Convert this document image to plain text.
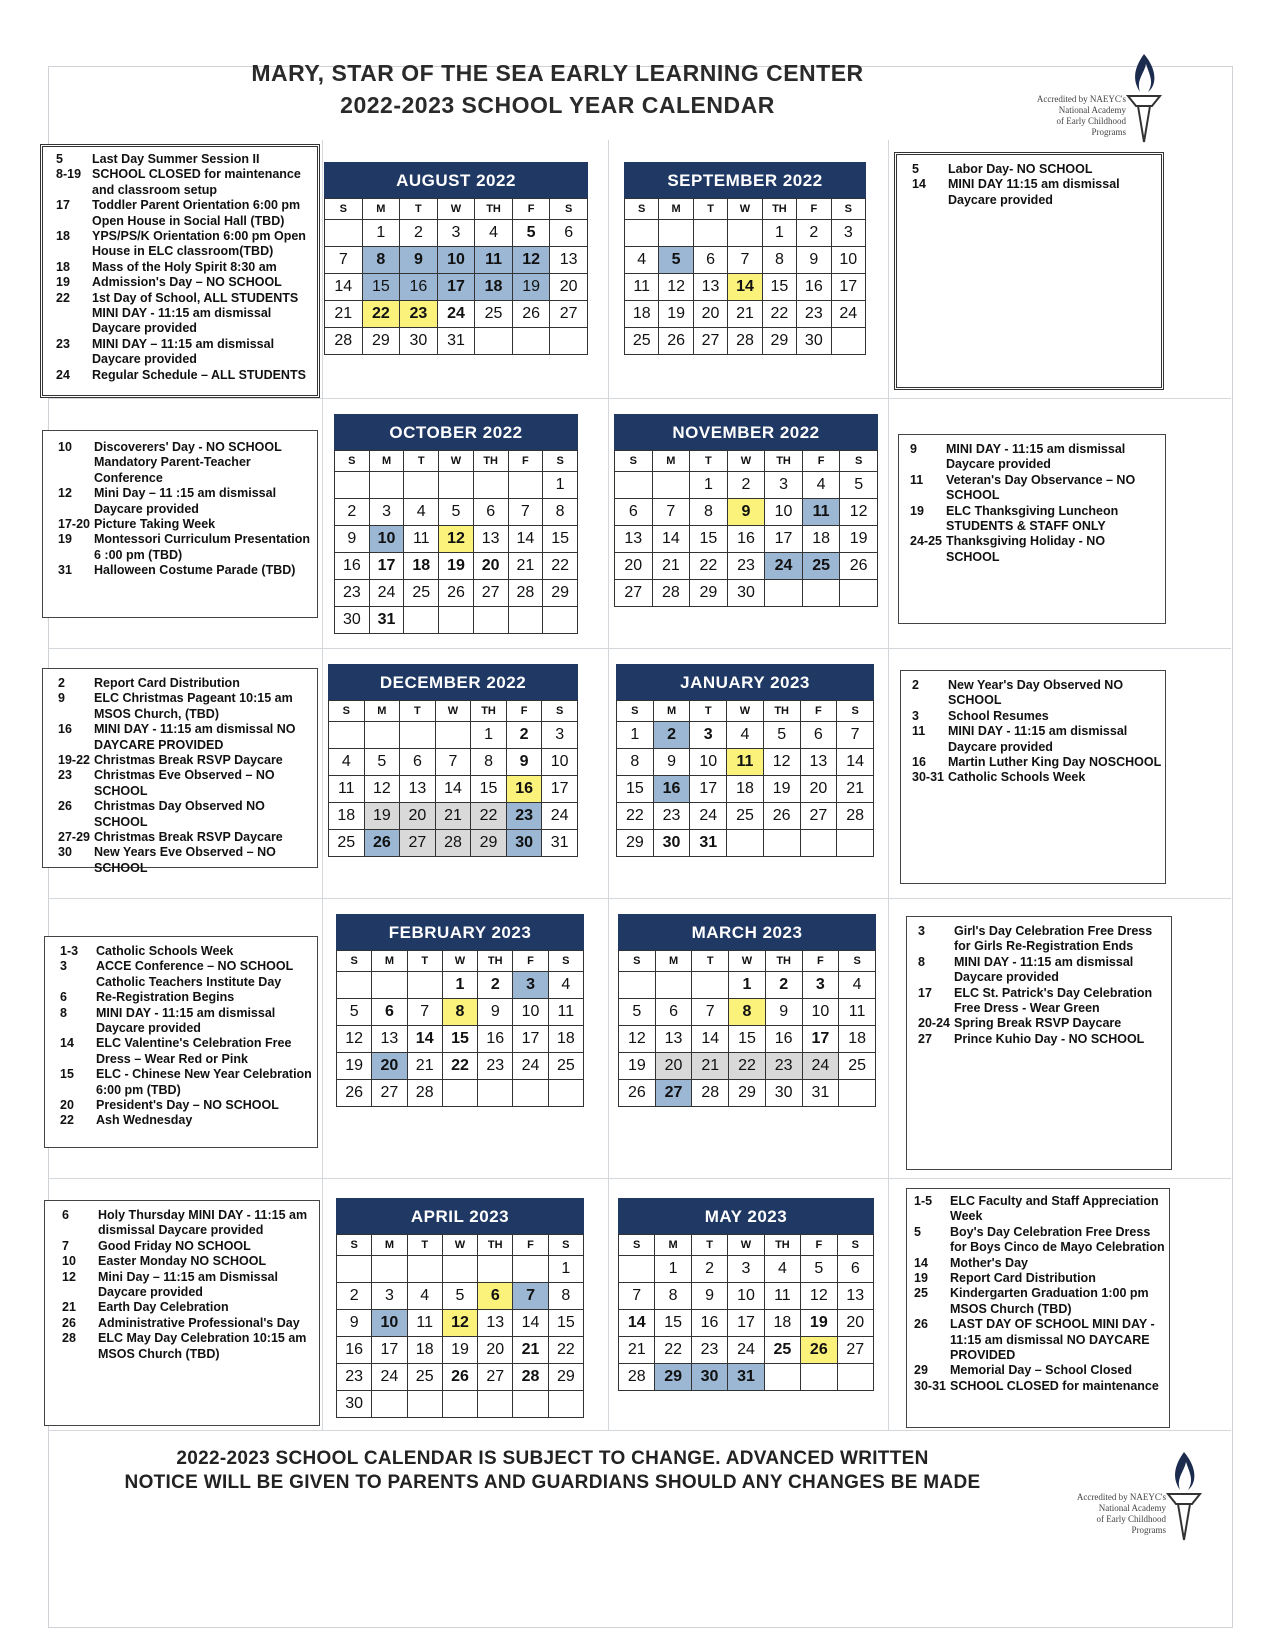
MARY, STAR OF THE SEA EARLY LEARNING CENTER
2022-2023 SCHOOL YEAR CALENDAR	Accredited by NAEYC's
National Academy
of Early Childhood
Programs
Accredited by NAEYC's
National Academy
of Early Childhood
Programs
5	Last Day Summer Session II
8-19 SCHOOL CLOSED for maintenance and classroom setup
17	Toddler Parent Orientation 6:00 pm Open House in Social Hall (TBD)
18	YPS/PS/K Orientation 6:00 pm Open House in ELC classroom(TBD)
18	Mass of the Holy Spirit 8:30 am
19	Admission's Day – NO SCHOOL
22	1st Day of School, ALL STUDENTS MINI DAY - 11:15 am dismissal Daycare provided
23	MINI DAY – 11:15 am dismissal Daycare provided
24	Regular Schedule – ALL STUDENTS
5	Labor Day- NO SCHOOL
14	MINI DAY 11:15 am dismissal Daycare provided
10	Discoverers' Day - NO SCHOOL Mandatory Parent-Teacher Conference
12	Mini Day – 11 :15 am dismissal Daycare provided
17-20 Picture Taking Week
19	Montessori Curriculum Presentation 6 :00 pm (TBD)
31	Halloween Costume Parade (TBD)
9	MINI DAY - 11:15 am dismissal Daycare provided
11	Veteran's Day Observance – NO SCHOOL
19	ELC Thanksgiving Luncheon STUDENTS & STAFF ONLY
24-25 Thanksgiving Holiday - NO SCHOOL
2	Report Card Distribution
9	ELC Christmas Pageant 10:15 am MSOS Church, (TBD)
16	MINI DAY - 11:15 am dismissal NO DAYCARE PROVIDED
19-22 Christmas Break RSVP Daycare
23	Christmas Eve Observed – NO SCHOOL
26	Christmas Day Observed NO SCHOOL
27-29 Christmas Break RSVP Daycare
30	New Years Eve Observed – NO SCHOOL
2	New Year's Day Observed NO SCHOOL
3	School Resumes
11	MINI DAY - 11:15 am dismissal Daycare provided
16	Martin Luther King Day NOSCHOOL
30-31 Catholic Schools Week
1-3	Catholic Schools Week
3	ACCE Conference – NO SCHOOL Catholic Teachers Institute Day
6	Re-Registration Begins
8	MINI DAY - 11:15 am dismissal Daycare provided
14	ELC Valentine's Celebration Free Dress – Wear Red or Pink
15	ELC - Chinese New Year Celebration 6:00 pm (TBD)
20	President's Day – NO SCHOOL
22	Ash Wednesday
3	Girl's Day Celebration Free Dress for Girls Re-Registration Ends
8	MINI DAY - 11:15 am dismissal Daycare provided
17	ELC St. Patrick's Day Celebration Free Dress - Wear Green
20-24 Spring Break RSVP Daycare
27	Prince Kuhio Day - NO SCHOOL
6	Holy Thursday MINI DAY - 11:15 am dismissal Daycare provided
7	Good Friday NO SCHOOL
10	Easter Monday NO SCHOOL
12	Mini Day – 11:15 am Dismissal Daycare provided
21	Earth Day Celebration
26	Administrative Professional's Day
28	ELC May Day Celebration 10:15 am MSOS Church (TBD)
1-5	ELC Faculty and Staff Appreciation Week
5	Boy's Day Celebration Free Dress for Boys Cinco de Mayo Celebration
14	Mother's Day
19	Report Card Distribution
25	Kindergarten Graduation 1:00 pm MSOS Church (TBD)
26	LAST DAY OF SCHOOL MINI DAY - 11:15 am dismissal NO DAYCARE PROVIDED
29	Memorial Day – School Closed
30-31 SCHOOL CLOSED for maintenance
AUGUST 2022
S	M	T	W	TH	F	S
	1	2	3	4	5	6
7	8	9	10	11	12	13
14	15	16	17	18	19	20
21	22	23	24	25	26	27
28	29	30	31			
SEPTEMBER 2022
S	M	T	W	TH	F	S
				1	2	3
4	5	6	7	8	9	10
11	12	13	14	15	16	17
18	19	20	21	22	23	24
25	26	27	28	29	30	
OCTOBER 2022
S	M	T	W	TH	F	S
						1
2	3	4	5	6	7	8
9	10	11	12	13	14	15
16	17	18	19	20	21	22
23	24	25	26	27	28	29
30	31					
NOVEMBER 2022
S	M	T	W	TH	F	S
		1	2	3	4	5
6	7	8	9	10	11	12
13	14	15	16	17	18	19
20	21	22	23	24	25	26
27	28	29	30			
DECEMBER 2022
S	M	T	W	TH	F	S
				1	2	3
4	5	6	7	8	9	10
11	12	13	14	15	16	17
18	19	20	21	22	23	24
25	26	27	28	29	30	31
JANUARY 2023
S	M	T	W	TH	F	S
1	2	3	4	5	6	7
8	9	10	11	12	13	14
15	16	17	18	19	20	21
22	23	24	25	26	27	28
29	30	31				
FEBRUARY 2023
S	M	T	W	TH	F	S
			1	2	3	4
5	6	7	8	9	10	11
12	13	14	15	16	17	18
19	20	21	22	23	24	25
26	27	28				
MARCH 2023
S	M	T	W	TH	F	S
			1	2	3	4
5	6	7	8	9	10	11
12	13	14	15	16	17	18
19	20	21	22	23	24	25
26	27	28	29	30	31	
APRIL 2023
S	M	T	W	TH	F	S
						1
2	3	4	5	6	7	8
9	10	11	12	13	14	15
16	17	18	19	20	21	22
23	24	25	26	27	28	29
30						
MAY 2023
S	M	T	W	TH	F	S
	1	2	3	4	5	6
7	8	9	10	11	12	13
14	15	16	17	18	19	20
21	22	23	24	25	26	27
28	29	30	31			
2022-2023 SCHOOL CALENDAR IS SUBJECT TO CHANGE. ADVANCED WRITTEN
NOTICE WILL BE GIVEN TO PARENTS AND GUARDIANS SHOULD ANY CHANGES BE MADE
